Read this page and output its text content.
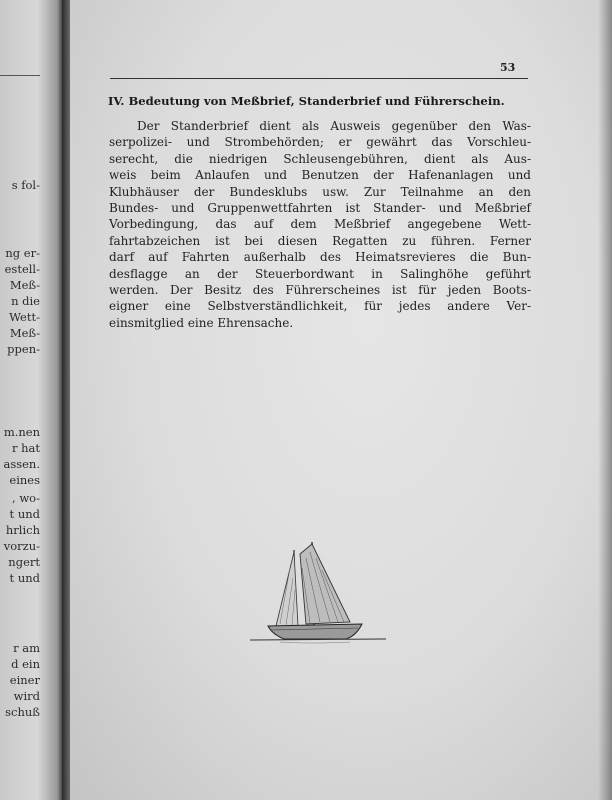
s fol-
ng er-
estell-
Meß-
n die
Wett-
Meß-
ppen-
m.nen
r hat
assen.
eines
, wo-
t und
hrlich
vorzu-
ngert
t und
r am
d ein
einer
wird
schuß
53
IV. Bedeutung von Meßbrief, Standerbrief und Führerschein.
Der Standerbrief dient als Ausweis gegenüber den Was-
serpolizei- und Strombehörden; er gewährt das Vorschleu-
serecht, die niedrigen Schleusengebühren, dient als Aus-
weis beim Anlaufen und Benutzen der Hafenanlagen und
Klubhäuser der Bundesklubs usw. Zur Teilnahme an den
Bundes- und Gruppenwettfahrten ist Stander- und Meßbrief
Vorbedingung, das auf dem Meßbrief angegebene Wett-
fahrtabzeichen ist bei diesen Regatten zu führen. Ferner
darf auf Fahrten außerhalb des Heimatsrevieres die Bun-
desflagge an der Steuerbordwant in Salinghöhe geführt
werden. Der Besitz des Führerscheines ist für jeden Boots-
eigner eine Selbstverständlichkeit, für jedes andere Ver-
einsmitglied eine Ehrensache.
